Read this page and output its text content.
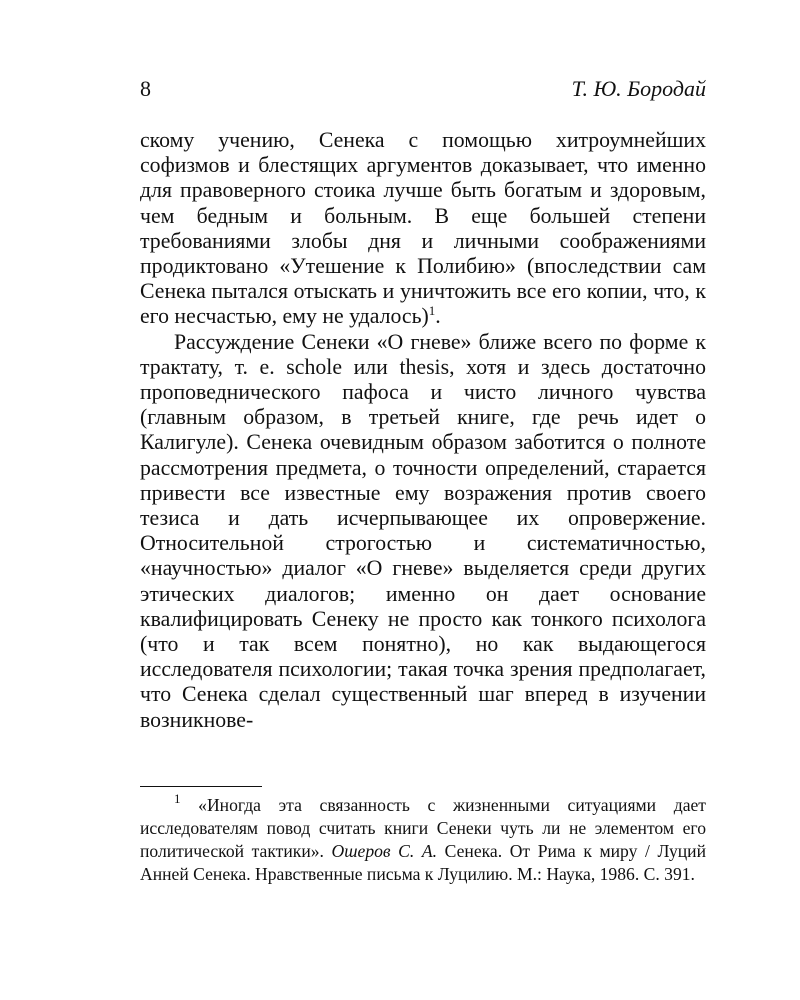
8	Т. Ю. Бородай

скому учению, Сенека с помощью хитроумнейших софизмов и блестящих аргументов доказывает, что именно для правоверного стоика лучше быть богатым и здоровым, чем бедным и больным. В еще большей степени требованиями злобы дня и личными соображениями продиктовано «Утешение к Полибию» (впоследствии сам Сенека пытался отыскать и уничтожить все его копии, что, к его несчастью, ему не удалось)$^1$.

Рассуждение Сенеки «О гневе» ближе всего по форме к трактату, т. е. schole или thesis, хотя и здесь достаточно проповеднического пафоса и чисто личного чувства (главным образом, в третьей книге, где речь идет о Калигуле). Сенека очевидным образом заботится о полноте рассмотрения предмета, о точности определений, старается привести все известные ему возражения против своего тезиса и дать исчерпывающее их опровержение. Относительной строгостью и систематичностью, «научностью» диалог «О гневе» выделяется среди других этических диалогов; именно он дает основание квалифицировать Сенеку не просто как тонкого психолога (что и так всем понятно), но как выдающегося исследователя психологии; такая точка зрения предполагает, что Сенека сделал существенный шаг вперед в изучении возникнове-

$^1$ «Иногда эта связанность с жизненными ситуациями дает исследователям повод считать книги Сенеки чуть ли не элементом его политической тактики». Ошеров С. А. Сенека. От Рима к миру / Луций Анней Сенека. Нравственные письма к Луцилию. М.: Наука, 1986. С. 391.
